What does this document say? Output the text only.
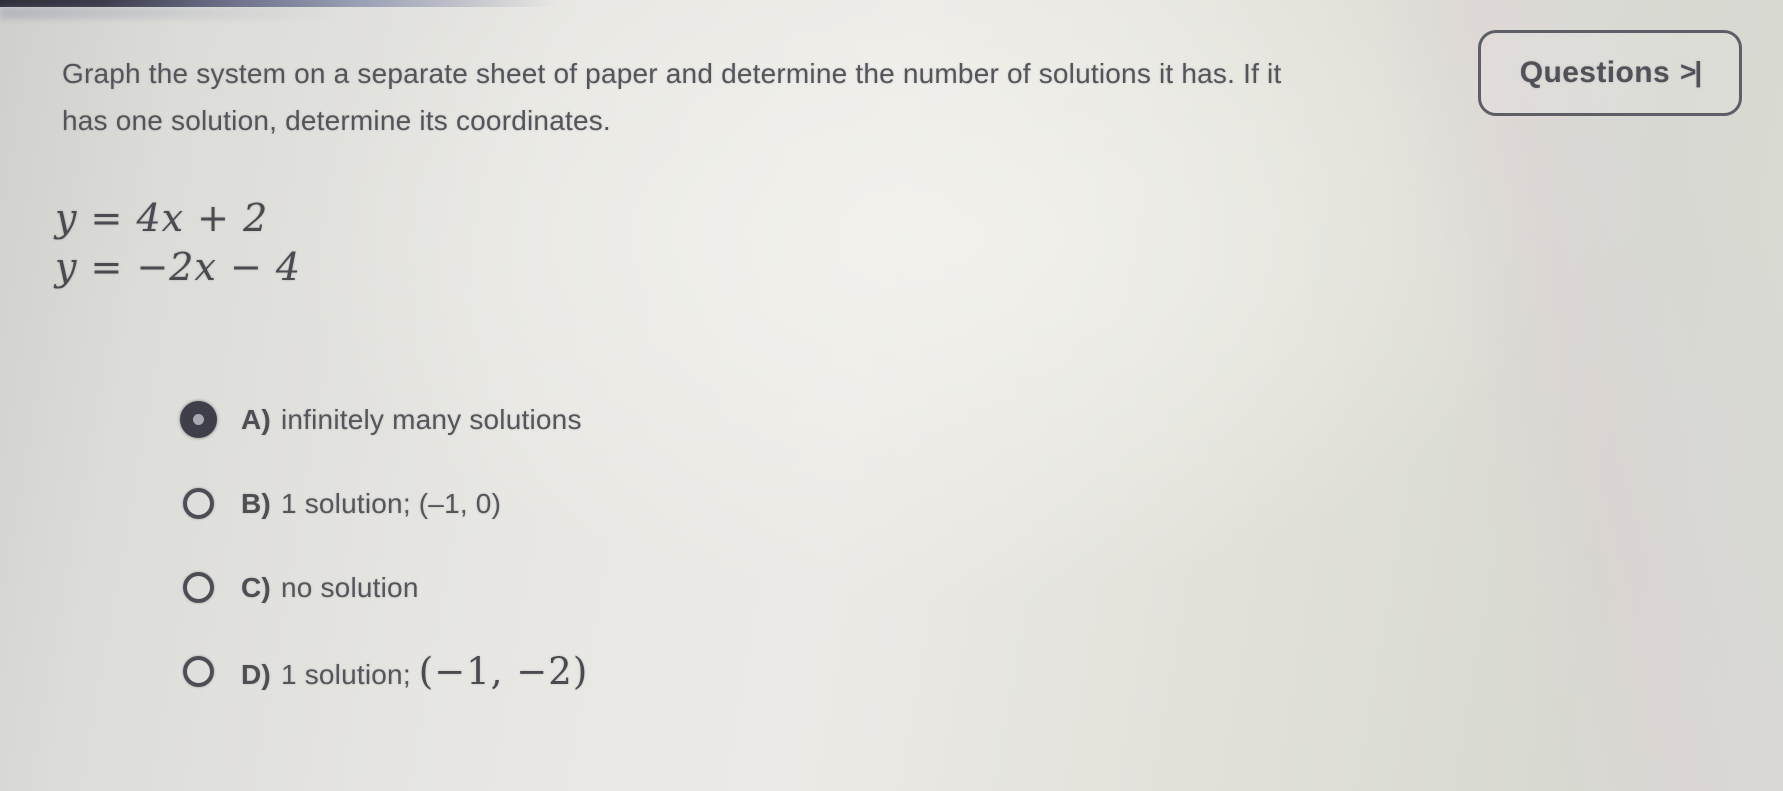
Graph the system on a separate sheet of paper and determine the number of solutions it has. If it
has one solution, determine its coordinates.
Questions >|
y = 4x + 2
y = −2x − 4
A) infinitely many solutions
B) 1 solution; (–1, 0)
C) no solution
D) 1 solution; (−1, −2)
